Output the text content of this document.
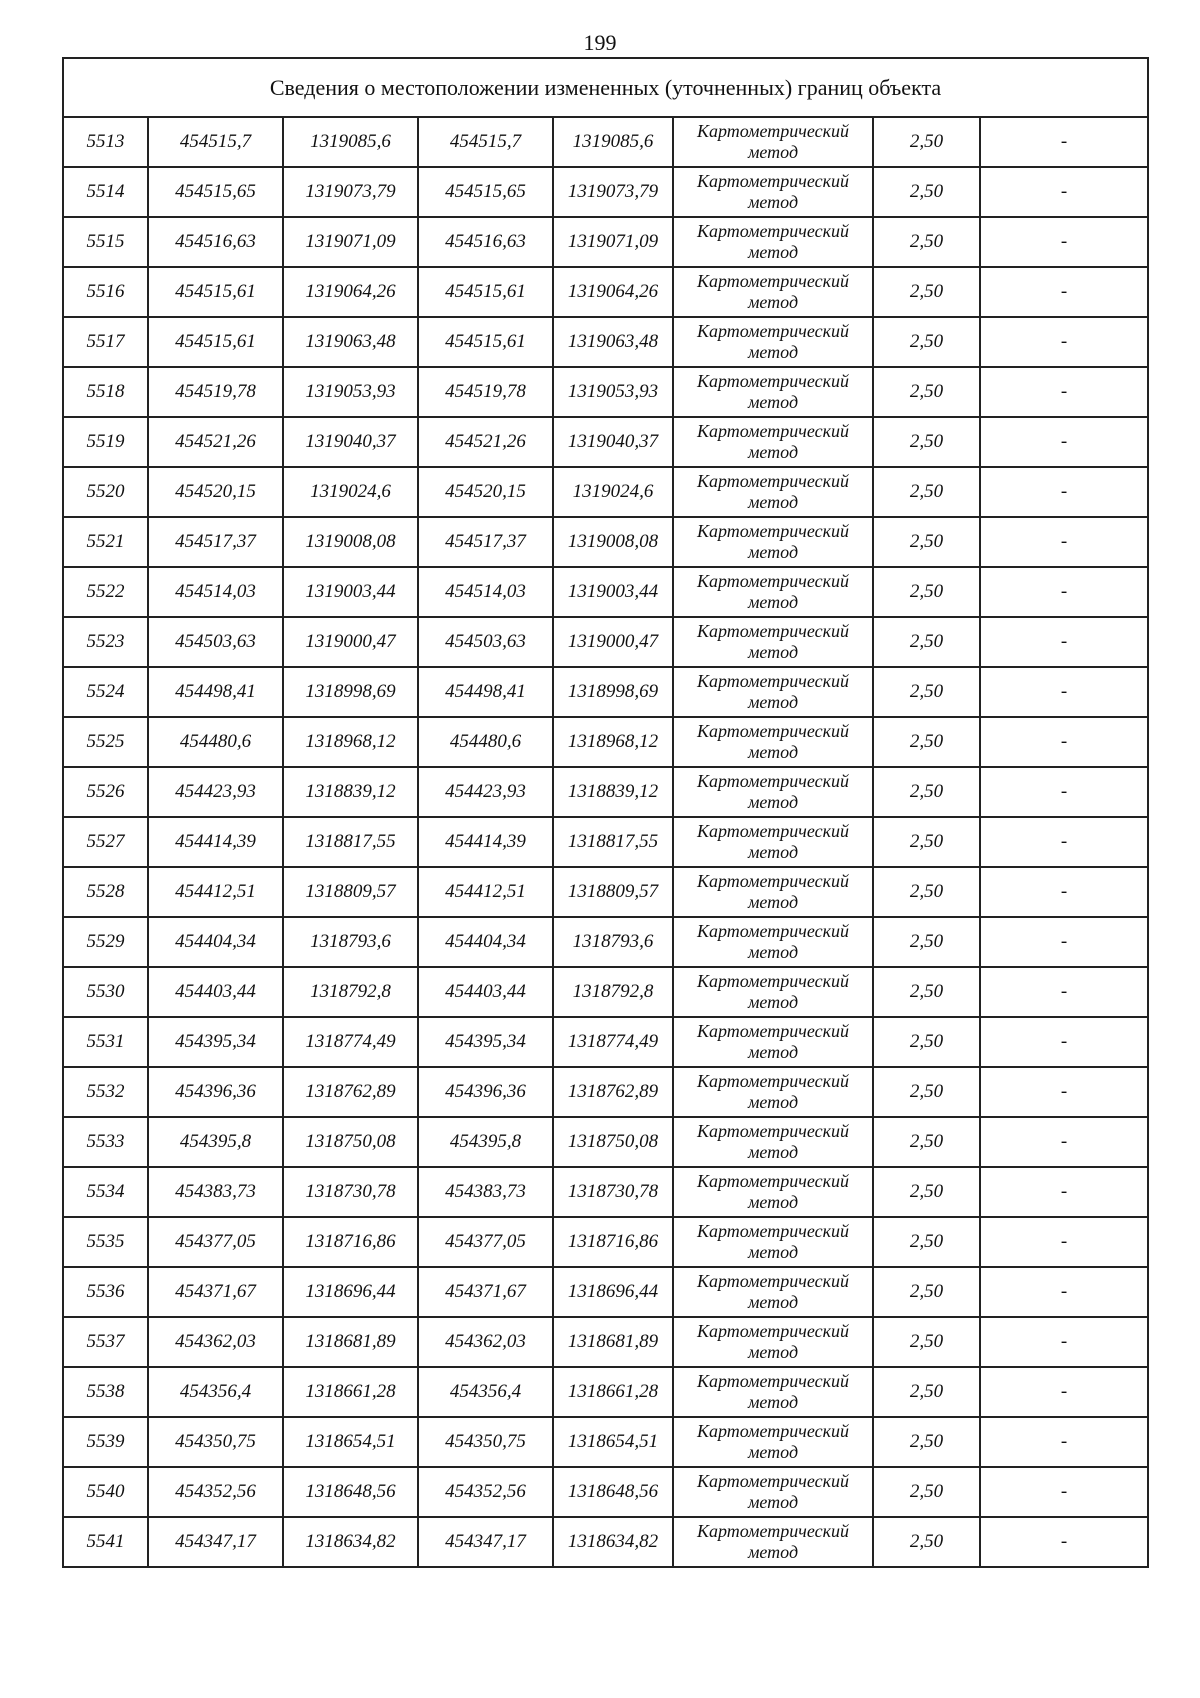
199
Сведения о местоположении измененных (уточненных) границ объекта							
5513	454515,7	1319085,6	454515,7	1319085,6	Картометрический метод	2,50	-
5514	454515,65	1319073,79	454515,65	1319073,79	Картометрический метод	2,50	-
5515	454516,63	1319071,09	454516,63	1319071,09	Картометрический метод	2,50	-
5516	454515,61	1319064,26	454515,61	1319064,26	Картометрический метод	2,50	-
5517	454515,61	1319063,48	454515,61	1319063,48	Картометрический метод	2,50	-
5518	454519,78	1319053,93	454519,78	1319053,93	Картометрический метод	2,50	-
5519	454521,26	1319040,37	454521,26	1319040,37	Картометрический метод	2,50	-
5520	454520,15	1319024,6	454520,15	1319024,6	Картометрический метод	2,50	-
5521	454517,37	1319008,08	454517,37	1319008,08	Картометрический метод	2,50	-
5522	454514,03	1319003,44	454514,03	1319003,44	Картометрический метод	2,50	-
5523	454503,63	1319000,47	454503,63	1319000,47	Картометрический метод	2,50	-
5524	454498,41	1318998,69	454498,41	1318998,69	Картометрический метод	2,50	-
5525	454480,6	1318968,12	454480,6	1318968,12	Картометрический метод	2,50	-
5526	454423,93	1318839,12	454423,93	1318839,12	Картометрический метод	2,50	-
5527	454414,39	1318817,55	454414,39	1318817,55	Картометрический метод	2,50	-
5528	454412,51	1318809,57	454412,51	1318809,57	Картометрический метод	2,50	-
5529	454404,34	1318793,6	454404,34	1318793,6	Картометрический метод	2,50	-
5530	454403,44	1318792,8	454403,44	1318792,8	Картометрический метод	2,50	-
5531	454395,34	1318774,49	454395,34	1318774,49	Картометрический метод	2,50	-
5532	454396,36	1318762,89	454396,36	1318762,89	Картометрический метод	2,50	-
5533	454395,8	1318750,08	454395,8	1318750,08	Картометрический метод	2,50	-
5534	454383,73	1318730,78	454383,73	1318730,78	Картометрический метод	2,50	-
5535	454377,05	1318716,86	454377,05	1318716,86	Картометрический метод	2,50	-
5536	454371,67	1318696,44	454371,67	1318696,44	Картометрический метод	2,50	-
5537	454362,03	1318681,89	454362,03	1318681,89	Картометрический метод	2,50	-
5538	454356,4	1318661,28	454356,4	1318661,28	Картометрический метод	2,50	-
5539	454350,75	1318654,51	454350,75	1318654,51	Картометрический метод	2,50	-
5540	454352,56	1318648,56	454352,56	1318648,56	Картометрический метод	2,50	-
5541	454347,17	1318634,82	454347,17	1318634,82	Картометрический метод	2,50	-
